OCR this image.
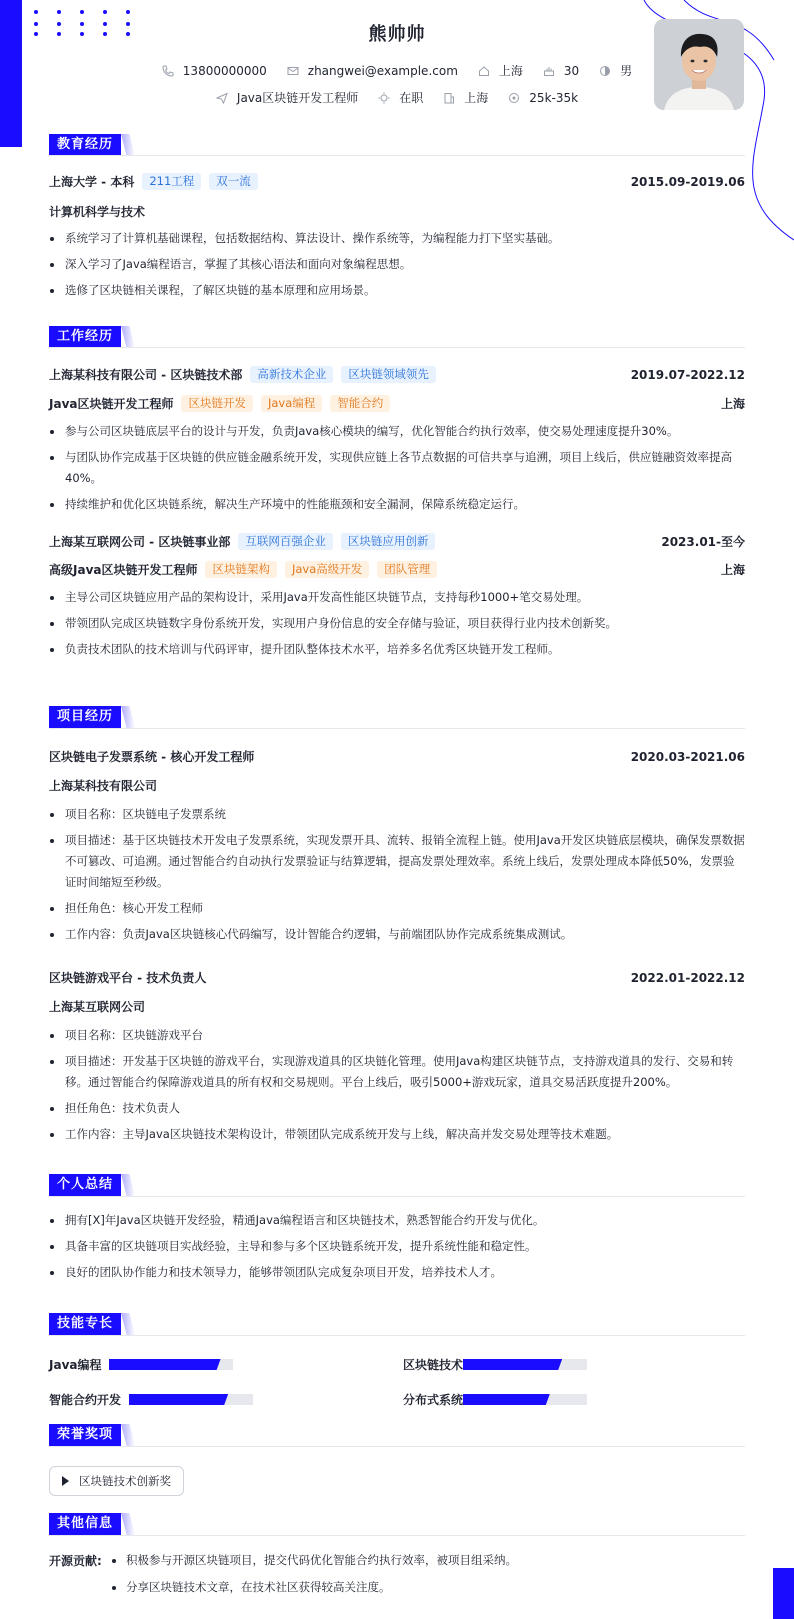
熊帅帅
13800000000	zhangwei@example.com	上海	30	男
Java区块链开发工程师	在职	上海	25k-35k
教育经历
上海大学 - 本科	211工程	双一流	2015.09-2019.06
计算机科学与技术
系统学习了计算机基础课程，包括数据结构、算法设计、操作系统等，为编程能力打下坚实基础。
深入学习了Java编程语言，掌握了其核心语法和面向对象编程思想。
选修了区块链相关课程，了解区块链的基本原理和应用场景。
工作经历
上海某科技有限公司 - 区块链技术部	高新技术企业	区块链领域领先	2019.07-2022.12
Java区块链开发工程师	区块链开发	Java编程	智能合约	上海
参与公司区块链底层平台的设计与开发，负责Java核心模块的编写，优化智能合约执行效率，使交易处理速度提升30%。
与团队协作完成基于区块链的供应链金融系统开发，实现供应链上各节点数据的可信共享与追溯，项目上线后，供应链融资效率提高40%。
持续维护和优化区块链系统，解决生产环境中的性能瓶颈和安全漏洞，保障系统稳定运行。
上海某互联网公司 - 区块链事业部	互联网百强企业	区块链应用创新	2023.01-至今
高级Java区块链开发工程师	区块链架构	Java高级开发	团队管理	上海
主导公司区块链应用产品的架构设计，采用Java开发高性能区块链节点，支持每秒1000+笔交易处理。
带领团队完成区块链数字身份系统开发，实现用户身份信息的安全存储与验证，项目获得行业内技术创新奖。
负责技术团队的技术培训与代码评审，提升团队整体技术水平，培养多名优秀区块链开发工程师。
项目经历
区块链电子发票系统 - 核心开发工程师	2020.03-2021.06
上海某科技有限公司
项目名称：区块链电子发票系统
项目描述：基于区块链技术开发电子发票系统，实现发票开具、流转、报销全流程上链。使用Java开发区块链底层模块，确保发票数据不可篡改、可追溯。通过智能合约自动执行发票验证与结算逻辑，提高发票处理效率。系统上线后，发票处理成本降低50%，发票验证时间缩短至秒级。
担任角色：核心开发工程师
工作内容：负责Java区块链核心代码编写，设计智能合约逻辑，与前端团队协作完成系统集成测试。
区块链游戏平台 - 技术负责人	2022.01-2022.12
上海某互联网公司
项目名称：区块链游戏平台
项目描述：开发基于区块链的游戏平台，实现游戏道具的区块链化管理。使用Java构建区块链节点，支持游戏道具的发行、交易和转移。通过智能合约保障游戏道具的所有权和交易规则。平台上线后，吸引5000+游戏玩家，道具交易活跃度提升200%。
担任角色：技术负责人
工作内容：主导Java区块链技术架构设计，带领团队完成系统开发与上线，解决高并发交易处理等技术难题。
个人总结
拥有[X]年Java区块链开发经验，精通Java编程语言和区块链技术，熟悉智能合约开发与优化。
具备丰富的区块链项目实战经验，主导和参与多个区块链系统开发，提升系统性能和稳定性。
良好的团队协作能力和技术领导力，能够带领团队完成复杂项目开发，培养技术人才。
技能专长
Java编程	区块链技术
智能合约开发	分布式系统
荣誉奖项
区块链技术创新奖
其他信息
开源贡献:	积极参与开源区块链项目，提交代码优化智能合约执行效率，被项目组采纳。
分享区块链技术文章，在技术社区获得较高关注度。
